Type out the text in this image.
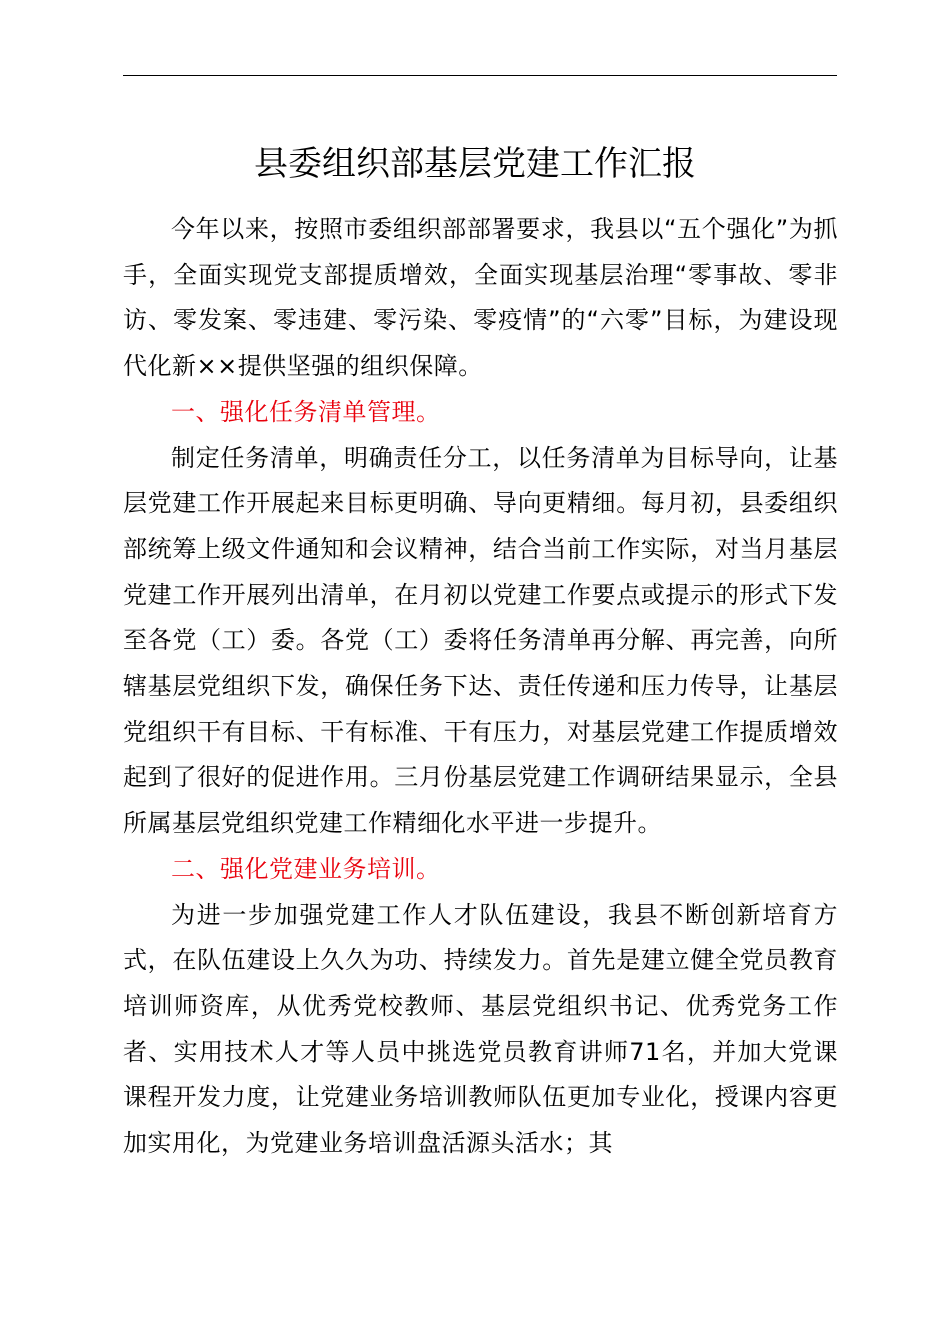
县委组织部基层党建工作汇报

今年以来，按照市委组织部部署要求，我县以“五个强化”为抓手，全面实现党支部提质增效，全面实现基层治理“零事故、零非访、零发案、零违建、零污染、零疫情”的“六零”目标，为建设现代化新××提供坚强的组织保障。

一、强化任务清单管理。

制定任务清单，明确责任分工，以任务清单为目标导向，让基层党建工作开展起来目标更明确、导向更精细。每月初，县委组织部统筹上级文件通知和会议精神，结合当前工作实际，对当月基层党建工作开展列出清单，在月初以党建工作要点或提示的形式下发至各党（工）委。各党（工）委将任务清单再分解、再完善，向所辖基层党组织下发，确保任务下达、责任传递和压力传导，让基层党组织干有目标、干有标准、干有压力，对基层党建工作提质增效起到了很好的促进作用。三月份基层党建工作调研结果显示，全县所属基层党组织党建工作精细化水平进一步提升。

二、强化党建业务培训。

为进一步加强党建工作人才队伍建设，我县不断创新培育方式，在队伍建设上久久为功、持续发力。首先是建立健全党员教育培训师资库，从优秀党校教师、基层党组织书记、优秀党务工作者、实用技术人才等人员中挑选党员教育讲师71名，并加大党课课程开发力度，让党建业务培训教师队伍更加专业化，授课内容更加实用化，为党建业务培训盘活源头活水；其
